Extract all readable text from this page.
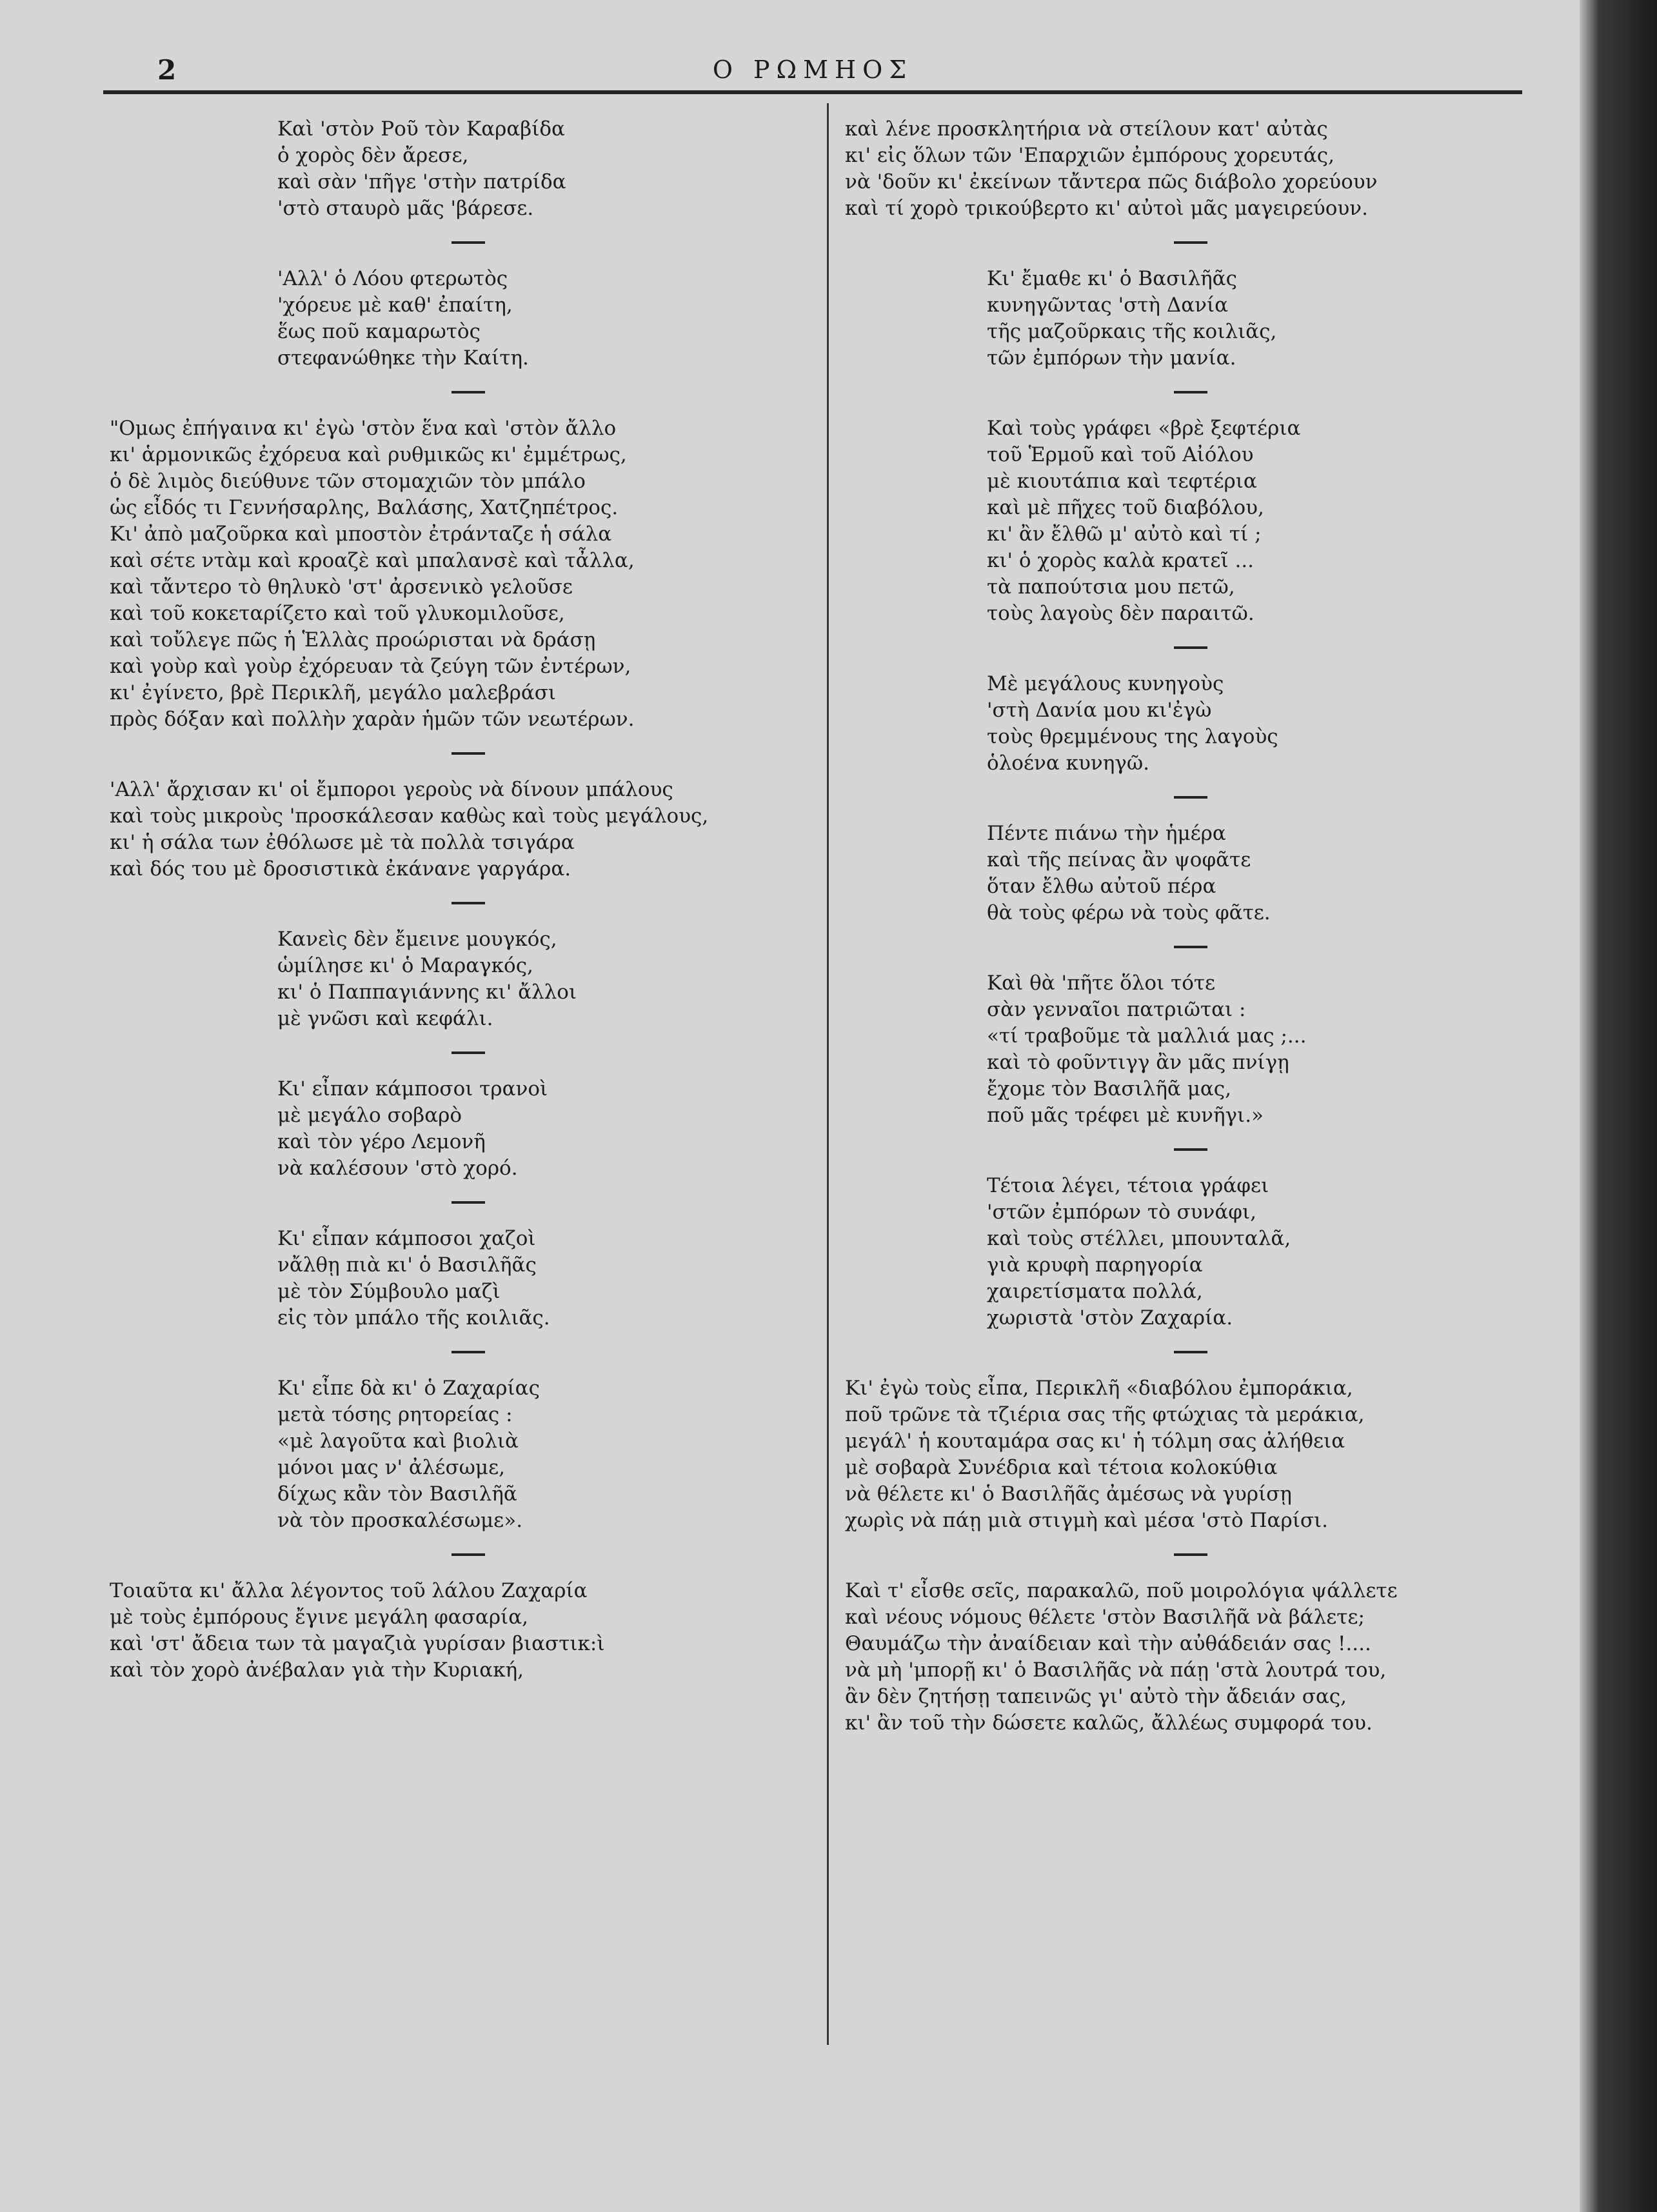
2	Ο ΡΩΜΗΟΣ

Καὶ 'στὸν Ρoῦ τὸν Καραβίδα

ὁ χορὸς δὲν ἄρεσε,

καὶ σὰν 'πῆγε 'στὴν πατρίδα

'στὸ σταυρὸ μᾶς 'βάρεσε.

'Αλλ' ὁ Λόου φτερωτὸς

'χόρευε μὲ καθ' ἐπαίτη,

ἕως ποῦ καμαρωτὸς

στεφανώθηκε τὴν Καίτη.

"Ομως ἐπήγαινα κι' ἐγὼ 'στὸν ἕνα καὶ 'στὸν ἄλλο

κι' ἁρμονικῶς ἐχόρευα καὶ ρυθμικῶς κι' ἐμμέτρως,

ὁ δὲ λιμὸς διεύθυνε τῶν στομαχιῶν τὸν μπάλο

ὡς εἶδός τι Γεννήσαρλης, Βαλάσης, Χατζηπέτρος.

Κι' ἀπὸ μαζοῦρκα καὶ μποστὸν ἐτράνταζε ἡ σάλα

καὶ σέτε ντὰμ καὶ κροαζὲ καὶ μπαλανσὲ καὶ τἆλλα,

καὶ τἄντερο τὸ θηλυκὸ 'στ' ἀρσενικὸ γελοῦσε

καὶ τοῦ κοκεταρίζετο καὶ τοῦ γλυκομιλοῦσε,

καὶ τοὔλεγε πῶς ἡ Ἑλλὰς προώρισται νὰ δράσῃ

καὶ γοὺρ καὶ γοὺρ ἐχόρευαν τὰ ζεύγη τῶν ἐντέρων,

κι' ἐγίνετο, βρὲ Περικλῆ, μεγάλο μαλεβράσι

πρὸς δόξαν καὶ πολλὴν χαρὰν ἡμῶν τῶν νεωτέρων.

'Αλλ' ἄρχισαν κι' οἱ ἔμποροι γεροὺς νὰ δίνουν μπάλους

καὶ τοὺς μικροὺς 'προσκάλεσαν καθὼς καὶ τοὺς μεγάλους,

κι' ἡ σάλα των ἐθόλωσε μὲ τὰ πολλὰ τσιγάρα

καὶ δός του μὲ δροσιστικὰ ἐκάνανε γαργάρα.

Κανεὶς δὲν ἔμεινε μουγκός,

ὡμίλησε κι' ὁ Μαραγκός,

κι' ὁ Παππαγιάννης κι' ἄλλοι

μὲ γνῶσι καὶ κεφάλι.

Κι' εἶπαν κάμποσοι τρανοὶ

μὲ μεγάλο σοβαρὸ

καὶ τὸν γέρο Λεμονῆ

νὰ καλέσουν 'στὸ χορό.

Κι' εἶπαν κάμποσοι χαζοὶ

νἄλθῃ πιὰ κι' ὁ Βασιλῆᾶς

μὲ τὸν Σύμβουλο μαζὶ

εἰς τὸν μπάλο τῆς κοιλιᾶς.

Κι' εἶπε δὰ κι' ὁ Ζαχαρίας

μετὰ τόσης ρητορείας :

«μὲ λαγοῦτα καὶ βιολιὰ

μόνοι μας ν' ἀλέσωμε,

δίχως κἂν τὸν Βασιλῆᾶ

νὰ τὸν προσκαλέσωμε».

Τοιαῦτα κι' ἄλλα λέγοντος τοῦ λάλου Ζαχαρία

μὲ τοὺς ἐμπόρους ἔγινε μεγάλη φασαρία,

καὶ 'στ' ἄδεια των τὰ μαγαζιὰ γυρίσαν βιαστικ:ὶ

καὶ τὸν χορὸ ἀνέβαλαν γιὰ τὴν Κυριακή,

καὶ λένε προσκλητήρια νὰ στείλουν κατ' αὐτὰς

κι' εἰς ὅλων τῶν 'Επαρχιῶν ἐμπόρους χορευτάς,

νὰ 'δοῦν κι' ἐκείνων τἄντερα πῶς διάβολο χορεύουν

καὶ τί χορὸ τρικούβερτο κι' αὐτοὶ μᾶς μαγειρεύουν.

Κι' ἔμαθε κι' ὁ Βασιλῆᾶς

κυνηγῶντας 'στὴ Δανία

τῆς μαζοῦρκαις τῆς κοιλιᾶς,

τῶν ἐμπόρων τὴν μανία.

Καὶ τοὺς γράφει «βρὲ ξεφτέρια

τοῦ Ἑρμοῦ καὶ τοῦ Αἰόλου

μὲ κιουτάπια καὶ τεφτέρια

καὶ μὲ πῆχες τοῦ διαβόλου,

κι' ἂν ἔλθῶ μ' αὐτὸ καὶ τί ;

κι' ὁ χορὸς καλὰ κρατεῖ ...

τὰ παπούτσια μου πετῶ,

τοὺς λαγοὺς δὲν παραιτῶ.

Μὲ μεγάλους κυνηγοὺς

'στὴ Δανία μου κι'ἐγὼ

τοὺς θρεμμένους της λαγοὺς

ὁλοένα κυνηγῶ.

Πέντε πιάνω τὴν ἡμέρα

καὶ τῆς πείνας ἂν ψοφᾶτε

ὅταν ἔλθω αὐτοῦ πέρα

θὰ τοὺς φέρω νὰ τοὺς φᾶτε.

Καὶ θὰ 'πῆτε ὅλοι τότε

σὰν γενναῖοι πατριῶται :

«τί τραβοῦμε τὰ μαλλιά μας ;...

καὶ τὸ φοῦντιγγ ἂν μᾶς πνίγῃ

ἔχομε τὸν Βασιλῆᾶ μας,

ποῦ μᾶς τρέφει μὲ κυνῆγι.»

Τέτοια λέγει, τέτοια γράφει

'στῶν ἐμπόρων τὸ συνάφι,

καὶ τοὺς στέλλει, μπουνταλᾶ,

γιὰ κρυφὴ παρηγορία

χαιρετίσματα πολλά,

χωριστὰ 'στὸν Ζαχαρία.

Κι' ἐγὼ τοὺς εἶπα, Περικλῆ «διαβόλου ἐμποράκια,

ποῦ τρῶνε τὰ τζιέρια σας τῆς φτώχιας τὰ μεράκια,

μεγάλ' ἡ κουταμάρα σας κι' ἡ τόλμη σας ἀλήθεια

μὲ σοβαρὰ Συνέδρια καὶ τέτοια κολοκύθια

νὰ θέλετε κι' ὁ Βασιλῆᾶς ἀμέσως νὰ γυρίσῃ

χωρὶς νὰ πάῃ μιὰ στιγμὴ καὶ μέσα 'στὸ Παρίσι.

Καὶ τ' εἶσθε σεῖς, παρακαλῶ, ποῦ μοιρολόγια ψάλλετε

καὶ νέους νόμους θέλετε 'στὸν Βασιλῆᾶ νὰ βάλετε;

Θαυμάζω τὴν ἀναίδειαν καὶ τὴν αὐθάδειάν σας !....

νὰ μὴ 'μπορῇ κι' ὁ Βασιλῆᾶς νὰ πάῃ 'στὰ λουτρά του,

ἂν δὲν ζητήσῃ ταπεινῶς γι' αὐτὸ τὴν ἄδειάν σας,

κι' ἂν τοῦ τὴν δώσετε καλῶς, ἄλλέως συμφορά του.
